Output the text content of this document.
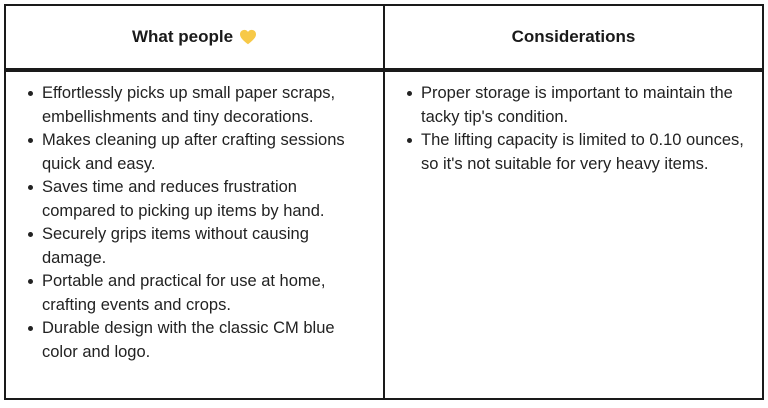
What people	Considerations
Effortlessly picks up small paper scraps, embellishments and tiny decorations.
Makes cleaning up after crafting sessions quick and easy.
Saves time and reduces frustration compared to picking up items by hand.
Securely grips items without causing damage.
Portable and practical for use at home, crafting events and crops.
Durable design with the classic CM blue color and logo.
Proper storage is important to maintain the tacky tip's condition.
The lifting capacity is limited to 0.10 ounces, so it's not suitable for very heavy items.
